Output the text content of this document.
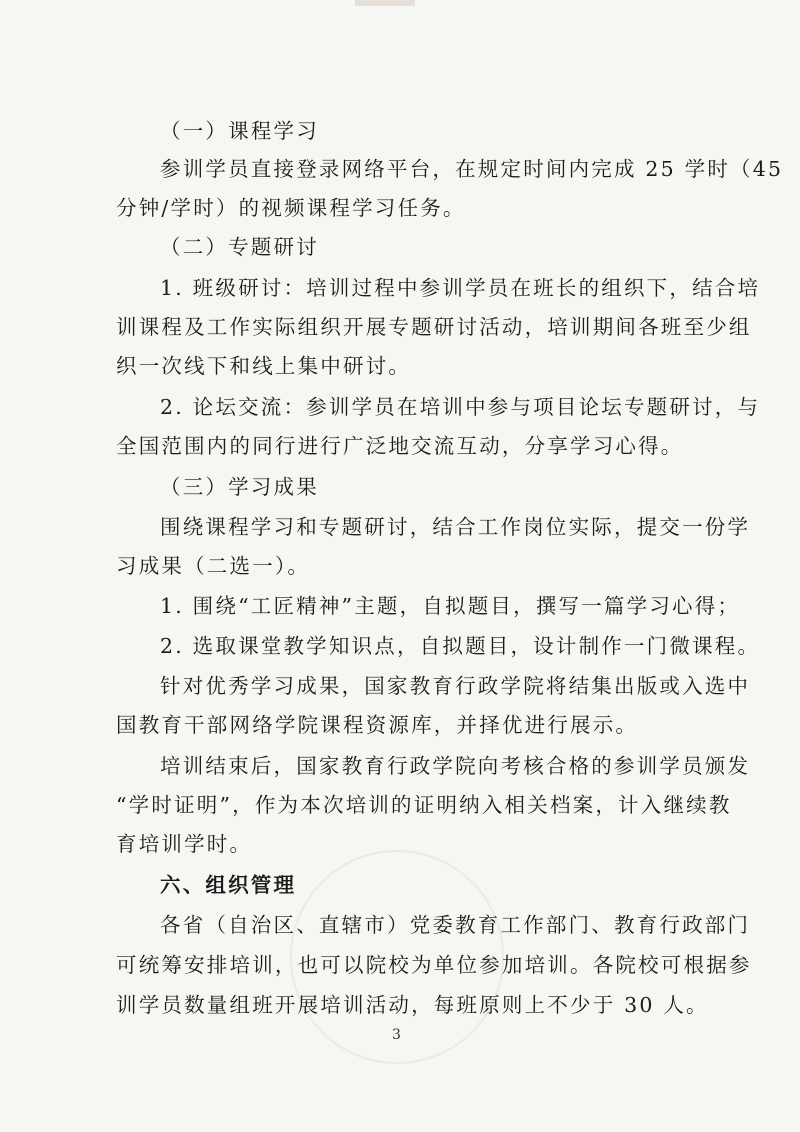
（一）课程学习
参训学员直接登录网络平台，在规定时间内完成 25 学时（45
分钟/学时）的视频课程学习任务。
（二）专题研讨
1. 班级研讨：培训过程中参训学员在班长的组织下，结合培
训课程及工作实际组织开展专题研讨活动，培训期间各班至少组
织一次线下和线上集中研讨。
2. 论坛交流：参训学员在培训中参与项目论坛专题研讨，与
全国范围内的同行进行广泛地交流互动，分享学习心得。
（三）学习成果
围绕课程学习和专题研讨，结合工作岗位实际，提交一份学
习成果（二选一）。
1. 围绕“工匠精神”主题，自拟题目，撰写一篇学习心得；
2. 选取课堂教学知识点，自拟题目，设计制作一门微课程。
针对优秀学习成果，国家教育行政学院将结集出版或入选中
国教育干部网络学院课程资源库，并择优进行展示。
培训结束后，国家教育行政学院向考核合格的参训学员颁发
“学时证明”，作为本次培训的证明纳入相关档案，计入继续教
育培训学时。
六、组织管理
各省（自治区、直辖市）党委教育工作部门、教育行政部门
可统筹安排培训，也可以院校为单位参加培训。各院校可根据参
训学员数量组班开展培训活动，每班原则上不少于 30 人。
3
